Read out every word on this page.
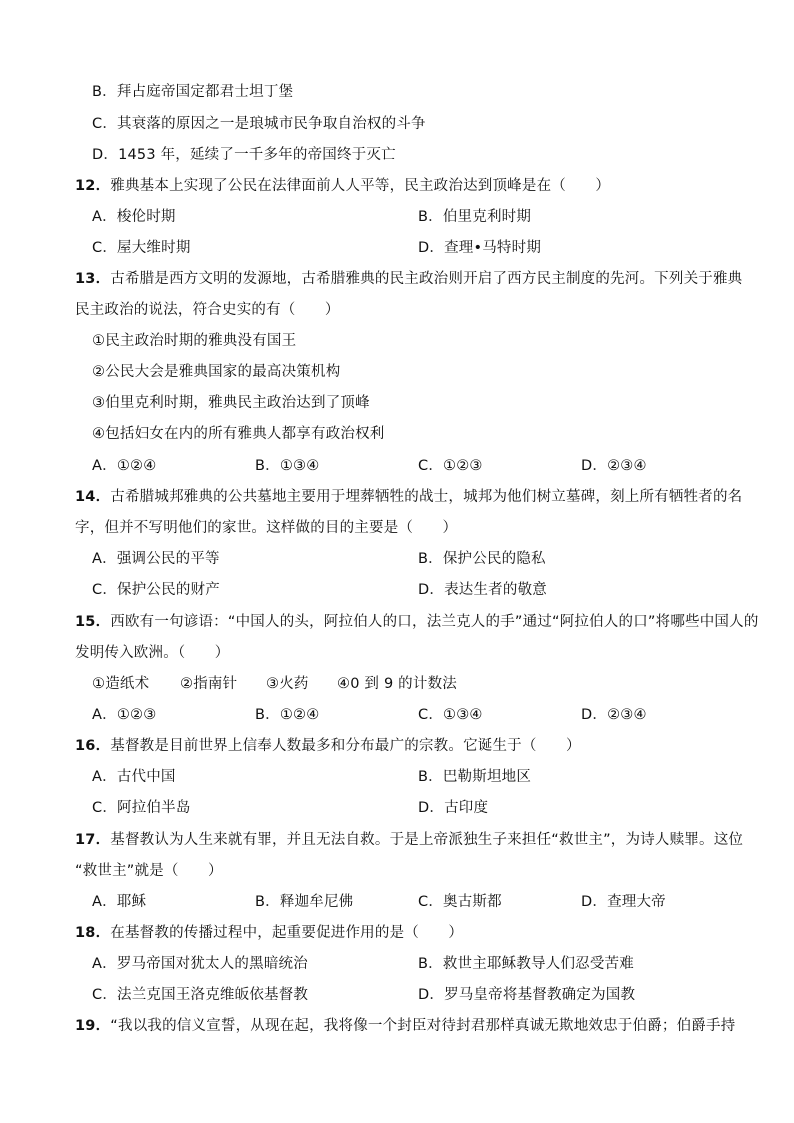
B．拜占庭帝国定都君士坦丁堡
C．其衰落的原因之一是琅城市民争取自治权的斗争
D．1453 年，延续了一千多年的帝国终于灭亡
12．雅典基本上实现了公民在法律面前人人平等，民主政治达到顶峰是在（　　）
A．梭伦时期	B．伯里克利时期
C．屋大维时期	D．查理•马特时期
13．古希腊是西方文明的发源地，古希腊雅典的民主政治则开启了西方民主制度的先河。下列关于雅典
民主政治的说法，符合史实的有（　　）
①民主政治时期的雅典没有国王
②公民大会是雅典国家的最高决策机构
③伯里克利时期，雅典民主政治达到了顶峰
④包括妇女在内的所有雅典人都享有政治权利
A．①②④	B．①③④	C．①②③	D．②③④
14．古希腊城邦雅典的公共墓地主要用于埋葬牺牲的战士，城邦为他们树立墓碑，刻上所有牺牲者的名
字，但并不写明他们的家世。这样做的目的主要是（　　）
A．强调公民的平等	B．保护公民的隐私
C．保护公民的财产	D．表达生者的敬意
15．西欧有一句谚语：“中国人的头，阿拉伯人的口，法兰克人的手”通过“阿拉伯人的口”将哪些中国人的
发明传入欧洲。（　　）
①造纸术 ②指南针 ③火药 ④0 到 9 的计数法
A．①②③	B．①②④	C．①③④	D．②③④
16．基督教是目前世界上信奉人数最多和分布最广的宗教。它诞生于（　　）
A．古代中国	B．巴勒斯坦地区
C．阿拉伯半岛	D．古印度
17．基督教认为人生来就有罪，并且无法自救。于是上帝派独生子来担任“救世主”，为诗人赎罪。这位
“救世主”就是（　　）
A．耶稣	B．释迦牟尼佛	C．奥古斯都	D．查理大帝
18．在基督教的传播过程中，起重要促进作用的是（　　）
A．罗马帝国对犹太人的黑暗统治	B．救世主耶稣教导人们忍受苦难
C．法兰克国王洛克维皈依基督教	D．罗马皇帝将基督教确定为国教
19．“我以我的信义宣誓，从现在起，我将像一个封臣对待封君那样真诚无欺地效忠于伯爵；伯爵手持
